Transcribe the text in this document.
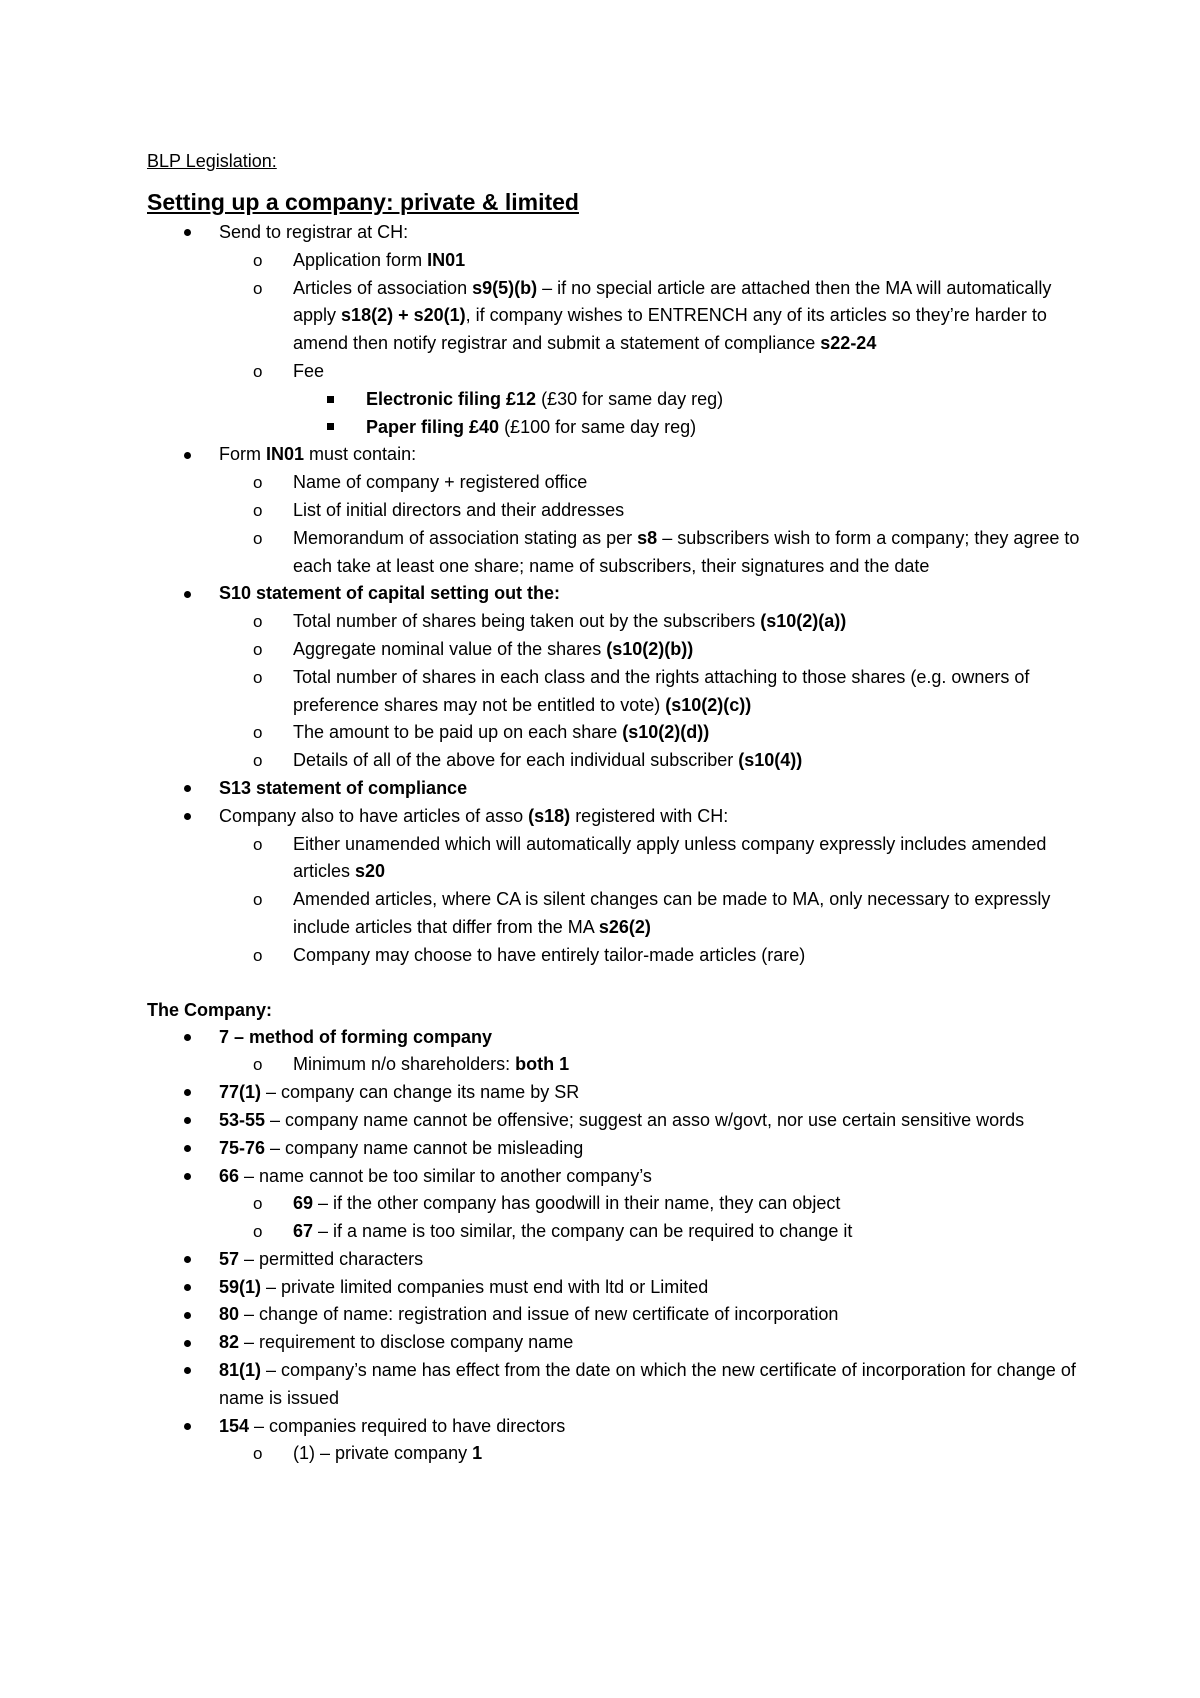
BLP Legislation:
Setting up a company: private & limited
Send to registrar at CH:
o Application form IN01
o Articles of association s9(5)(b) – if no special article are attached then the MA will automatically apply s18(2) + s20(1), if company wishes to ENTRENCH any of its articles so they’re harder to amend then notify registrar and submit a statement of compliance s22-24
o Fee
Electronic filing £12 (£30 for same day reg)
Paper filing £40 (£100 for same day reg)
Form IN01 must contain:
o Name of company + registered office
o List of initial directors and their addresses
o Memorandum of association stating as per s8 – subscribers wish to form a company; they agree to each take at least one share; name of subscribers, their signatures and the date
S10 statement of capital setting out the:
o Total number of shares being taken out by the subscribers (s10(2)(a))
o Aggregate nominal value of the shares (s10(2)(b))
o Total number of shares in each class and the rights attaching to those shares (e.g. owners of preference shares may not be entitled to vote) (s10(2)(c))
o The amount to be paid up on each share (s10(2)(d))
o Details of all of the above for each individual subscriber (s10(4))
S13 statement of compliance
Company also to have articles of asso (s18) registered with CH:
o Either unamended which will automatically apply unless company expressly includes amended articles s20
o Amended articles, where CA is silent changes can be made to MA, only necessary to expressly include articles that differ from the MA s26(2)
o Company may choose to have entirely tailor-made articles (rare)
The Company:
7 – method of forming company
o Minimum n/o shareholders: both 1
77(1) – company can change its name by SR
53-55 – company name cannot be offensive; suggest an asso w/govt, nor use certain sensitive words
75-76 – company name cannot be misleading
66 – name cannot be too similar to another company’s
o 69 – if the other company has goodwill in their name, they can object
o 67 – if a name is too similar, the company can be required to change it
57 – permitted characters
59(1) – private limited companies must end with ltd or Limited
80 – change of name: registration and issue of new certificate of incorporation
82 – requirement to disclose company name
81(1) – company’s name has effect from the date on which the new certificate of incorporation for change of name is issued
154 – companies required to have directors
o (1) – private company 1
